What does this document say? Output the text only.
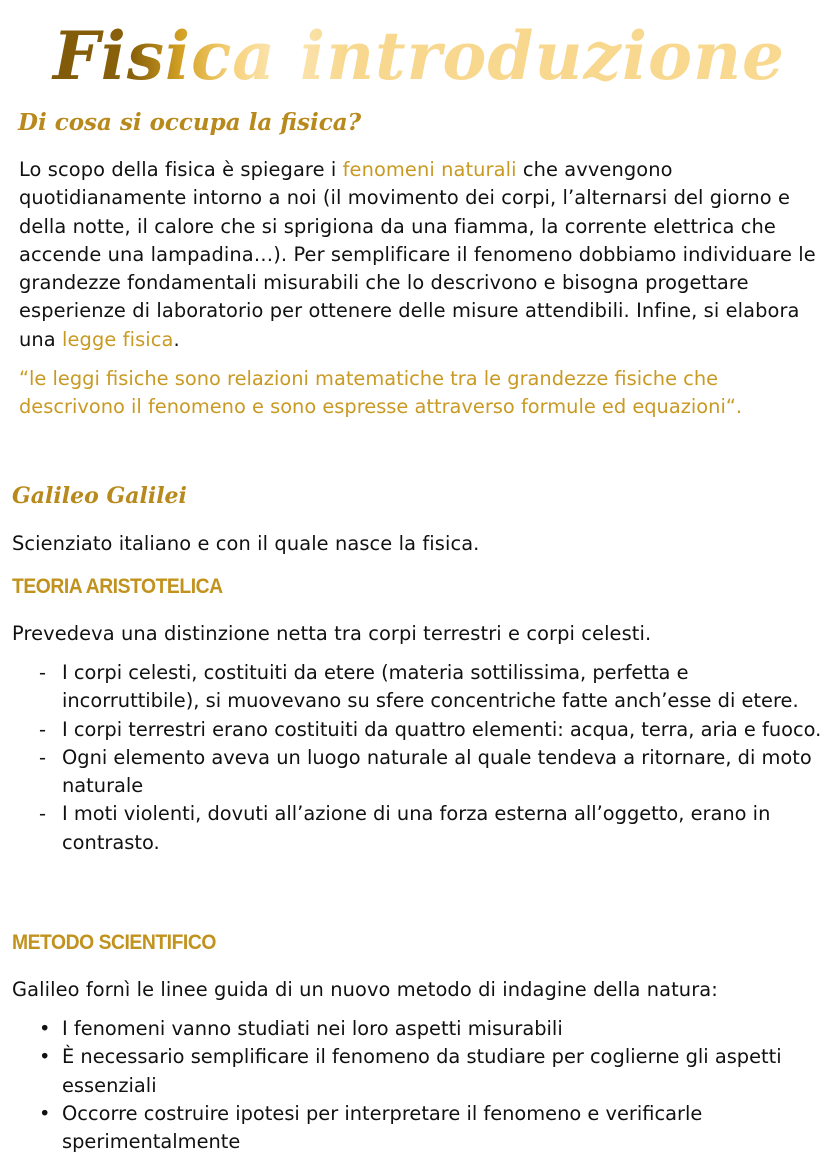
Fisica introduzione
Di cosa si occupa la fisica?

Lo scopo della fisica è spiegare i fenomeni naturali che avvengono quotidianamente intorno a noi (il movimento dei corpi, l’alternarsi del giorno e della notte, il calore che si sprigiona da una fiamma, la corrente elettrica che accende una lampadina…). Per semplificare il fenomeno dobbiamo individuare le grandezze fondamentali misurabili che lo descrivono e bisogna progettare esperienze di laboratorio per ottenere delle misure attendibili. Infine, si elabora una legge fisica.

“le leggi fisiche sono relazioni matematiche tra le grandezze fisiche che descrivono il fenomeno e sono espresse attraverso formule ed equazioni“.

Galileo Galilei

Scienziato italiano e con il quale nasce la fisica.

TEORIA ARISTOTELICA

Prevedeva una distinzione netta tra corpi terrestri e corpi celesti.

- I corpi celesti, costituiti da etere (materia sottilissima, perfetta e incorruttibile), si muovevano su sfere concentriche fatte anch’esse di etere.
- I corpi terrestri erano costituiti da quattro elementi: acqua, terra, aria e fuoco.
- Ogni elemento aveva un luogo naturale al quale tendeva a ritornare, di moto naturale
- I moti violenti, dovuti all’azione di una forza esterna all’oggetto, erano in contrasto.
METODO SCIENTIFICO

Galileo fornì le linee guida di un nuovo metodo di indagine della natura:

• I fenomeni vanno studiati nei loro aspetti misurabili
• È necessario semplificare il fenomeno da studiare per coglierne gli aspetti essenziali
• Occorre costruire ipotesi per interpretare il fenomeno e verificarle sperimentalmente
